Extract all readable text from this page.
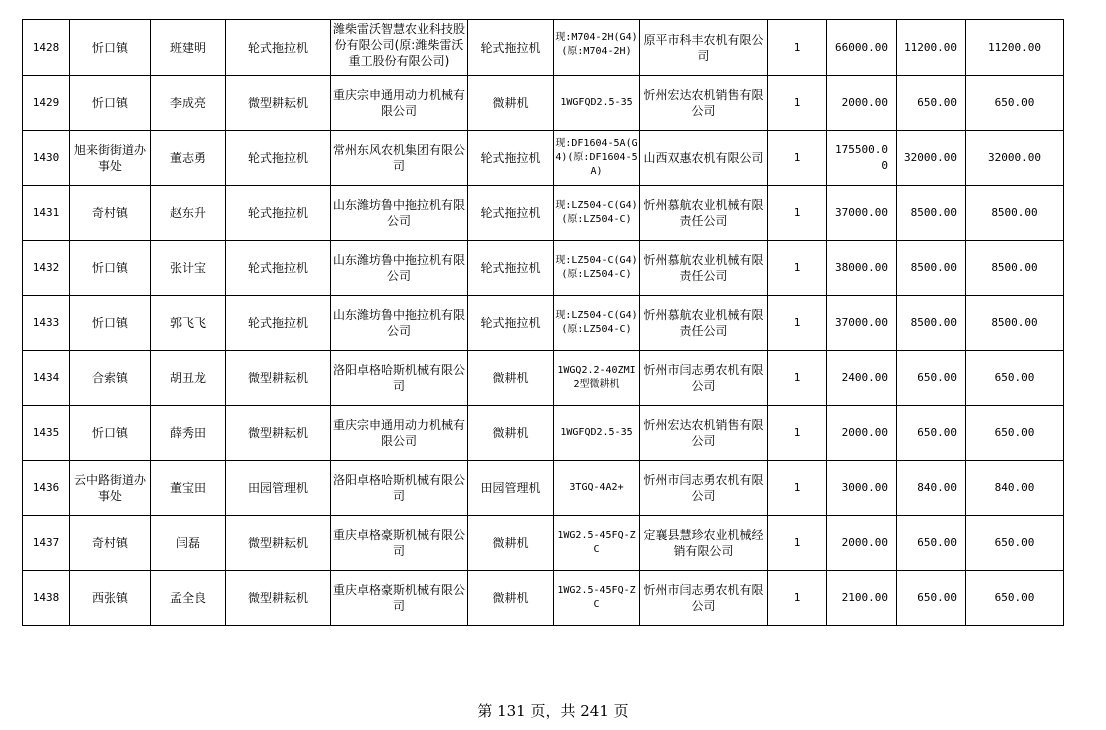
1428	忻口镇	班建明	轮式拖拉机	潍柴雷沃智慧农业科技股份有限公司(原:潍柴雷沃重工股份有限公司)	轮式拖拉机	现:M704-2H(G4)(原:M704-2H)	原平市科丰农机有限公司	1	66000.00	11200.00	11200.00
1429	忻口镇	李成亮	微型耕耘机	重庆宗申通用动力机械有限公司	微耕机	1WGFQD2.5-35	忻州宏达农机销售有限公司	1	2000.00	650.00	650.00
1430	旭来街街道办事处	董志勇	轮式拖拉机	常州东风农机集团有限公司	轮式拖拉机	现:DF1604-5A(G4)(原:DF1604-5A)	山西双惠农机有限公司	1	175500.00	32000.00	32000.00
1431	奇村镇	赵东升	轮式拖拉机	山东潍坊鲁中拖拉机有限公司	轮式拖拉机	现:LZ504-C(G4)(原:LZ504-C)	忻州慕航农业机械有限责任公司	1	37000.00	8500.00	8500.00
1432	忻口镇	张计宝	轮式拖拉机	山东潍坊鲁中拖拉机有限公司	轮式拖拉机	现:LZ504-C(G4)(原:LZ504-C)	忻州慕航农业机械有限责任公司	1	38000.00	8500.00	8500.00
1433	忻口镇	郭飞飞	轮式拖拉机	山东潍坊鲁中拖拉机有限公司	轮式拖拉机	现:LZ504-C(G4)(原:LZ504-C)	忻州慕航农业机械有限责任公司	1	37000.00	8500.00	8500.00
1434	合索镇	胡丑龙	微型耕耘机	洛阳卓格哈斯机械有限公司	微耕机	1WGQ2.2-40ZMI2型微耕机	忻州市闫志勇农机有限公司	1	2400.00	650.00	650.00
1435	忻口镇	薛秀田	微型耕耘机	重庆宗申通用动力机械有限公司	微耕机	1WGFQD2.5-35	忻州宏达农机销售有限公司	1	2000.00	650.00	650.00
1436	云中路街道办事处	董宝田	田园管理机	洛阳卓格哈斯机械有限公司	田园管理机	3TGQ-4A2+	忻州市闫志勇农机有限公司	1	3000.00	840.00	840.00
1437	奇村镇	闫磊	微型耕耘机	重庆卓格豪斯机械有限公司	微耕机	1WG2.5-45FQ-ZC	定襄县慧珍农业机械经销有限公司	1	2000.00	650.00	650.00
1438	西张镇	孟全良	微型耕耘机	重庆卓格豪斯机械有限公司	微耕机	1WG2.5-45FQ-ZC	忻州市闫志勇农机有限公司	1	2100.00	650.00	650.00
第 131 页，共 241 页
